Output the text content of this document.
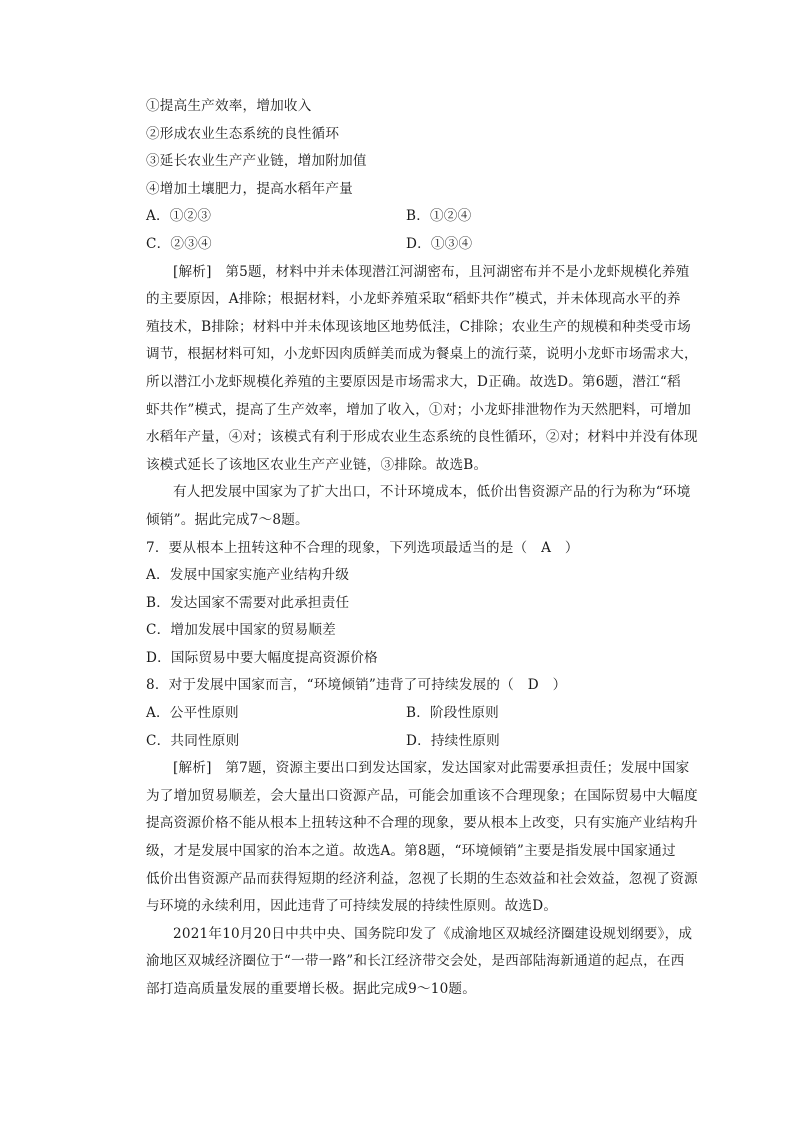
①提高生产效率，增加收入
②形成农业生态系统的良性循环
③延长农业生产产业链，增加附加值
④增加土壤肥力，提高水稻年产量
A．①②③	B．①②④
C．②③④	D．①③④
[解析]　第5题，材料中并未体现潜江河湖密布，且河湖密布并不是小龙虾规模化养殖
的主要原因，A排除；根据材料，小龙虾养殖采取“稻虾共作”模式，并未体现高水平的养
殖技术，B排除；材料中并未体现该地区地势低洼，C排除；农业生产的规模和种类受市场
调节，根据材料可知，小龙虾因肉质鲜美而成为餐桌上的流行菜，说明小龙虾市场需求大，
所以潜江小龙虾规模化养殖的主要原因是市场需求大，D正确。故选D。第6题，潜江“稻
虾共作”模式，提高了生产效率，增加了收入，①对；小龙虾排泄物作为天然肥料，可增加
水稻年产量，④对；该模式有利于形成农业生态系统的良性循环，②对；材料中并没有体现
该模式延长了该地区农业生产产业链，③排除。故选B。
有人把发展中国家为了扩大出口，不计环境成本，低价出售资源产品的行为称为“环境
倾销”。据此完成7～8题。
7．要从根本上扭转这种不合理的现象，下列选项最适当的是（　A　）
A．发展中国家实施产业结构升级
B．发达国家不需要对此承担责任
C．增加发展中国家的贸易顺差
D．国际贸易中要大幅度提高资源价格
8．对于发展中国家而言，“环境倾销”违背了可持续发展的（　D　）
A．公平性原则	B．阶段性原则
C．共同性原则	D．持续性原则
[解析]　第7题，资源主要出口到发达国家，发达国家对此需要承担责任；发展中国家
为了增加贸易顺差，会大量出口资源产品，可能会加重该不合理现象；在国际贸易中大幅度
提高资源价格不能从根本上扭转这种不合理的现象，要从根本上改变，只有实施产业结构升
级，才是发展中国家的治本之道。故选A。第8题，“环境倾销”主要是指发展中国家通过
低价出售资源产品而获得短期的经济利益，忽视了长期的生态效益和社会效益，忽视了资源
与环境的永续利用，因此违背了可持续发展的持续性原则。故选D。
2021年10月20日中共中央、国务院印发了《成渝地区双城经济圈建设规划纲要》，成
渝地区双城经济圈位于“一带一路”和长江经济带交会处，是西部陆海新通道的起点，在西
部打造高质量发展的重要增长极。据此完成9～10题。
